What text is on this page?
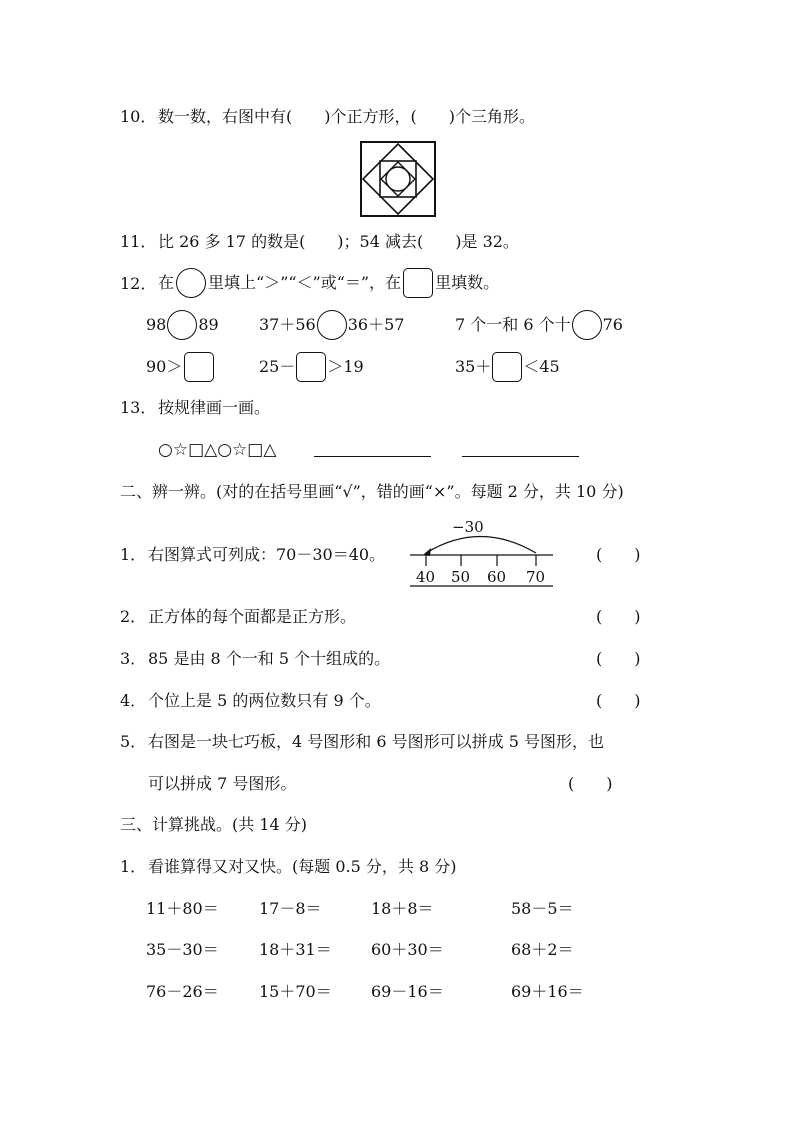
10． 数一数，右图中有(　　)个正方形，(　　)个三角形。
11． 比 26 多 17 的数是(　　)；54 减去(　　)是 32。
12． 在 里填上“＞”“＜”或“＝”，在 里填数。
98 89	37＋56 36＋57	7 个一和 6 个十 76
90＞	25－ ＞19	35＋ ＜45
13． 按规律画一画。
○☆□△○☆□△
二、辨一辨。(对的在括号里画“√”，错的画“×”。每题 2 分，共 10 分)
1． 右图算式可列成：70－30＝40。
−30
40 50 60 70
(　　)
2． 正方体的每个面都是正方形。	(　　)
3． 85 是由 8 个一和 5 个十组成的。	(　　)
4． 个位上是 5 的两位数只有 9 个。	(　　)
5． 右图是一块七巧板，4 号图形和 6 号图形可以拼成 5 号图形，也
可以拼成 7 号图形。	(　　)
三、计算挑战。(共 14 分)
1． 看谁算得又对又快。(每题 0.5 分，共 8 分)
11＋80＝	17－8＝	18＋8＝	58－5＝
35－30＝	18＋31＝ 60＋30＝	68＋2＝
76－26＝	15＋70＝ 69－16＝	69＋16＝
